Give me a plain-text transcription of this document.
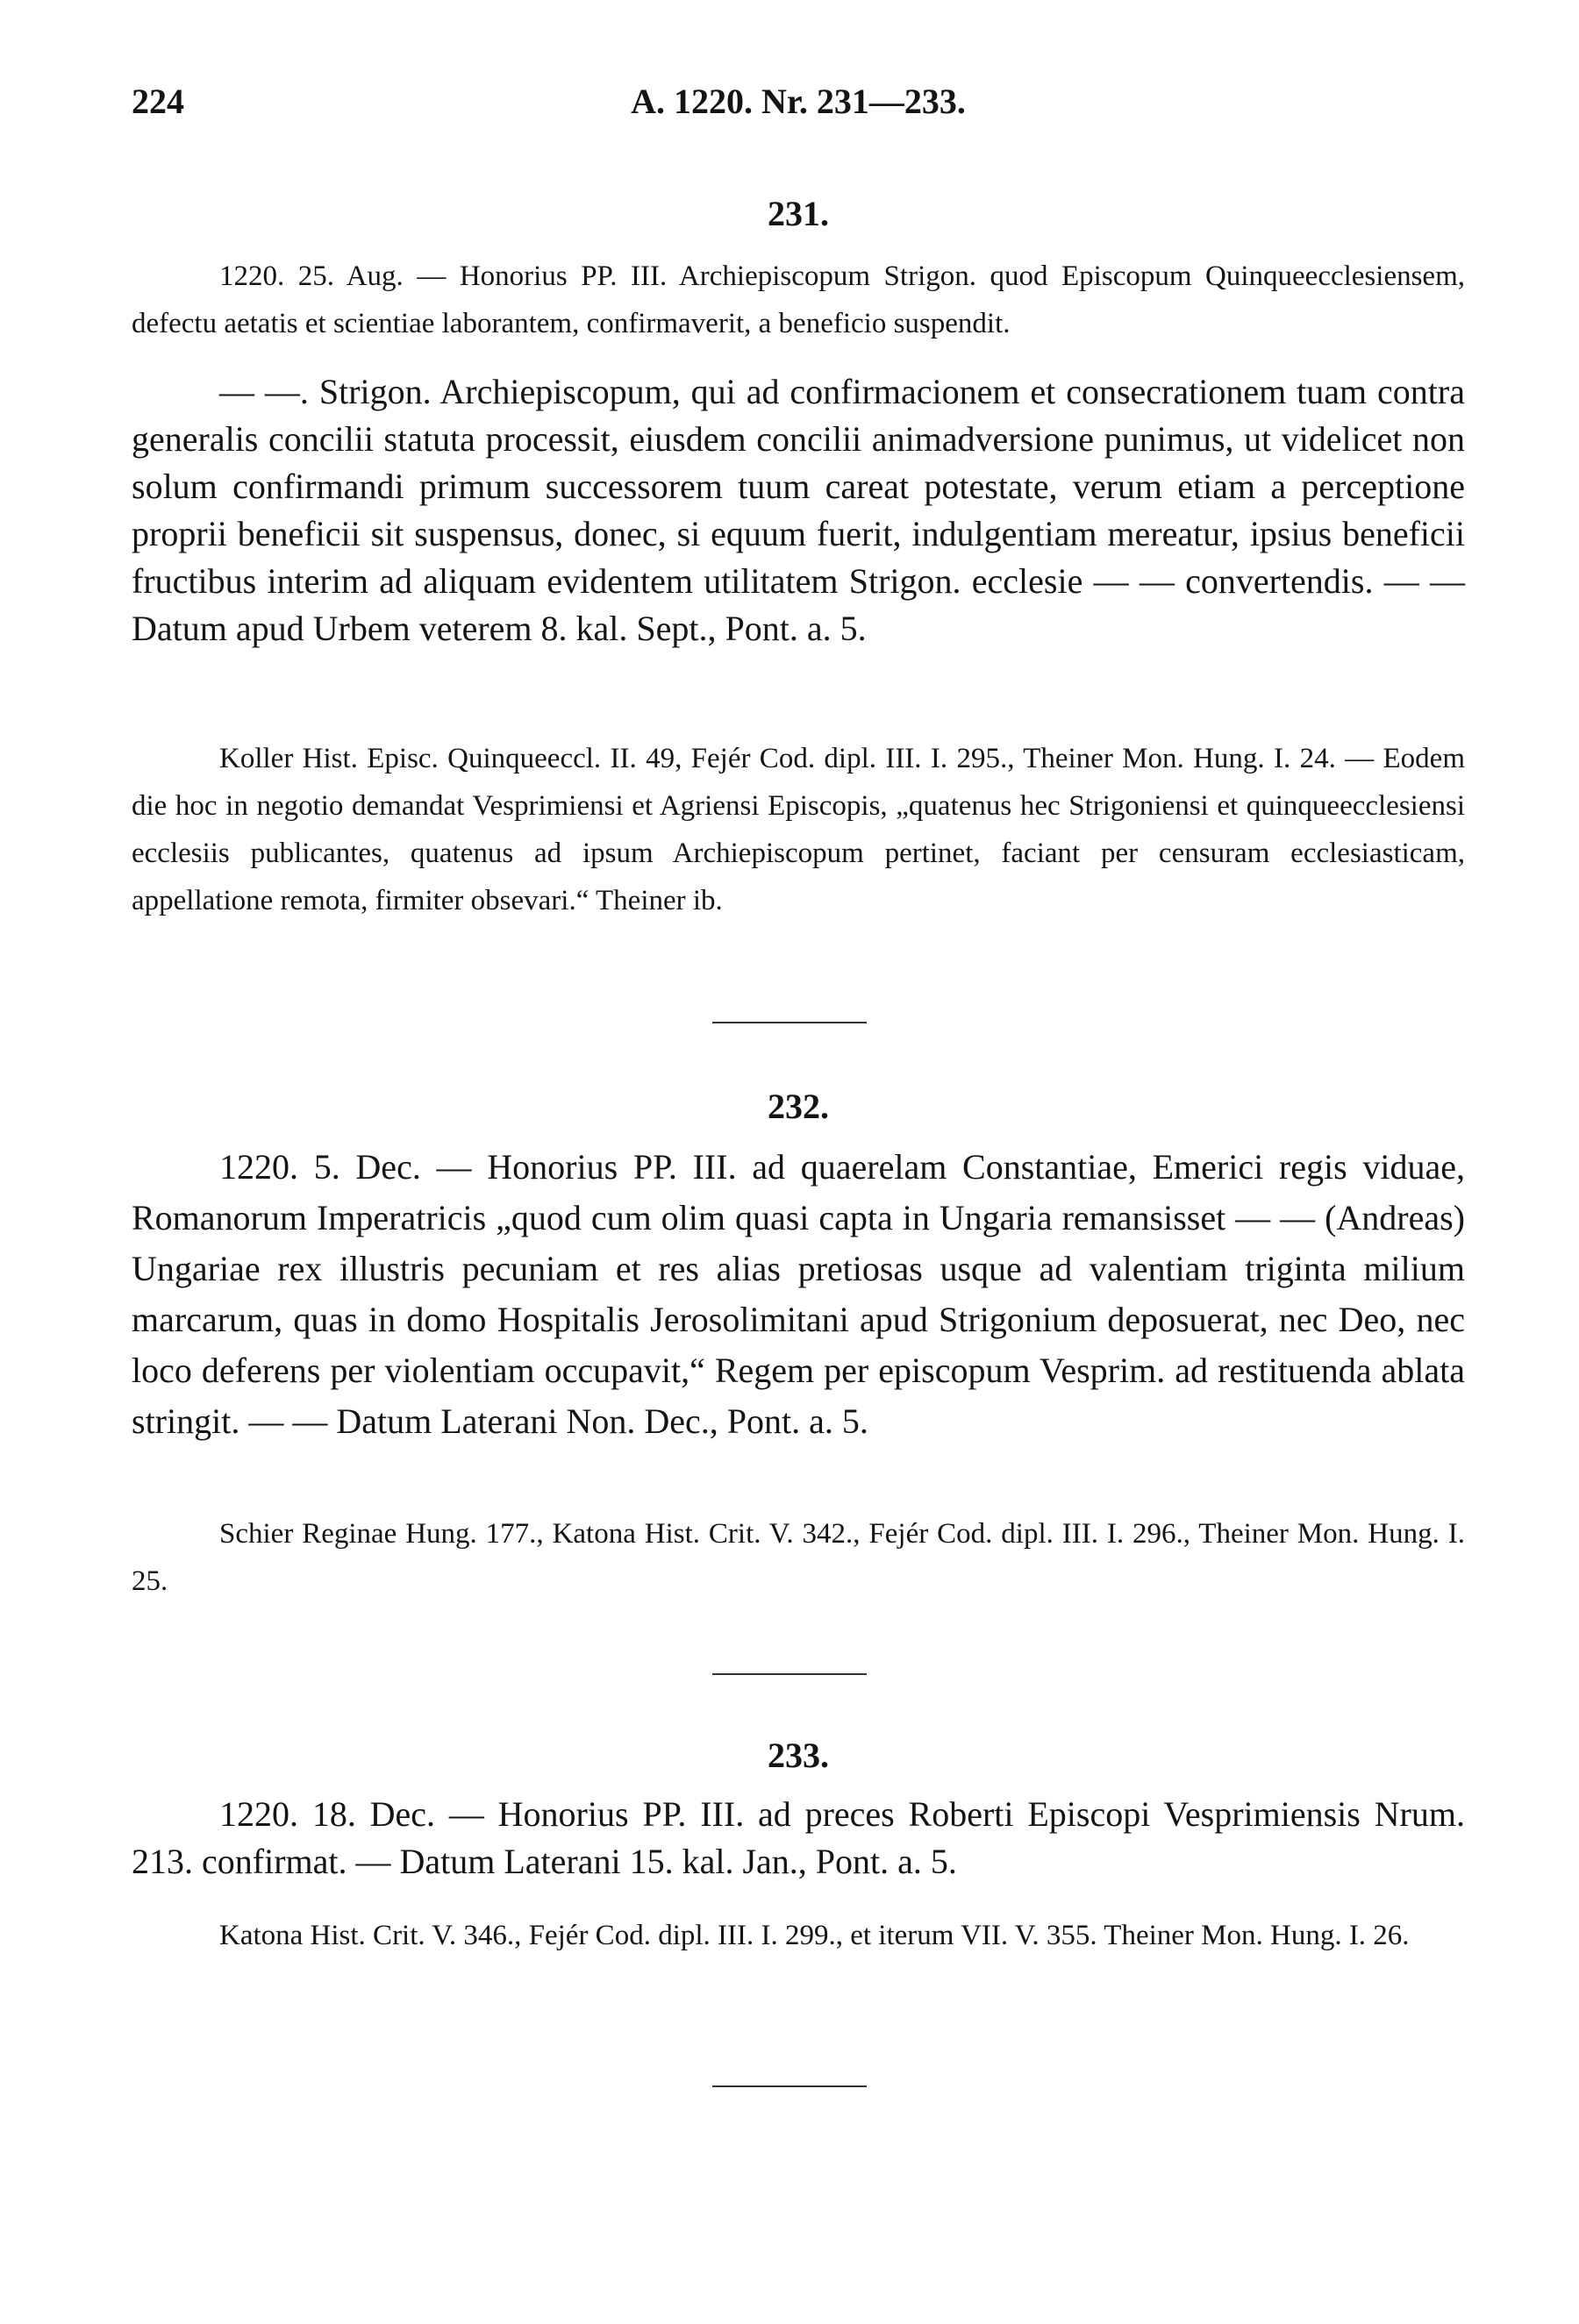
224	A. 1220. Nr. 231—233.
231.
1220. 25. Aug. — Honorius PP. III. Archiepiscopum Strigon. quod Episcopum Quinqueecclesiensem, defectu aetatis et scientiae laborantem, confirmaverit, a beneficio suspendit.
— —. Strigon. Archiepiscopum, qui ad confirmacionem et consecrationem tuam contra generalis concilii statuta processit, eiusdem concilii animadversione punimus, ut videlicet non solum confirmandi primum successorem tuum careat potestate, verum etiam a perceptione proprii beneficii sit suspensus, donec, si equum fuerit, indulgentiam mereatur, ipsius beneficii fructibus interim ad aliquam evidentem utilitatem Strigon. ecclesie — — convertendis. — — Datum apud Urbem veterem 8. kal. Sept., Pont. a. 5.
Koller Hist. Episc. Quinqueeccl. II. 49, Fejér Cod. dipl. III. I. 295., Theiner Mon. Hung. I. 24. — Eodem die hoc in negotio demandat Vesprimiensi et Agriensi Episcopis, „quatenus hec Strigoniensi et quinqueecclesiensi ecclesiis publicantes, quatenus ad ipsum Archiepiscopum pertinet, faciant per censuram ecclesiasticam, appellatione remota, firmiter obsevari.“ Theiner ib.
232.
1220. 5. Dec. — Honorius PP. III. ad quaerelam Constantiae, Emerici regis viduae, Romanorum Imperatricis „quod cum olim quasi capta in Ungaria remansisset — — (Andreas) Ungariae rex illustris pecuniam et res alias pretiosas usque ad valentiam triginta milium marcarum, quas in domo Hospitalis Jerosolimitani apud Strigonium deposuerat, nec Deo, nec loco deferens per violentiam occupavit,“ Regem per episcopum Vesprim. ad restituenda ablata stringit. — — Datum Laterani Non. Dec., Pont. a. 5.
Schier Reginae Hung. 177., Katona Hist. Crit. V. 342., Fejér Cod. dipl. III. I. 296., Theiner Mon. Hung. I. 25.
233.
1220. 18. Dec. — Honorius PP. III. ad preces Roberti Episcopi Vesprimiensis Nrum. 213. confirmat. — Datum Laterani 15. kal. Jan., Pont. a. 5.
Katona Hist. Crit. V. 346., Fejér Cod. dipl. III. I. 299., et iterum VII. V. 355. Theiner Mon. Hung. I. 26.
